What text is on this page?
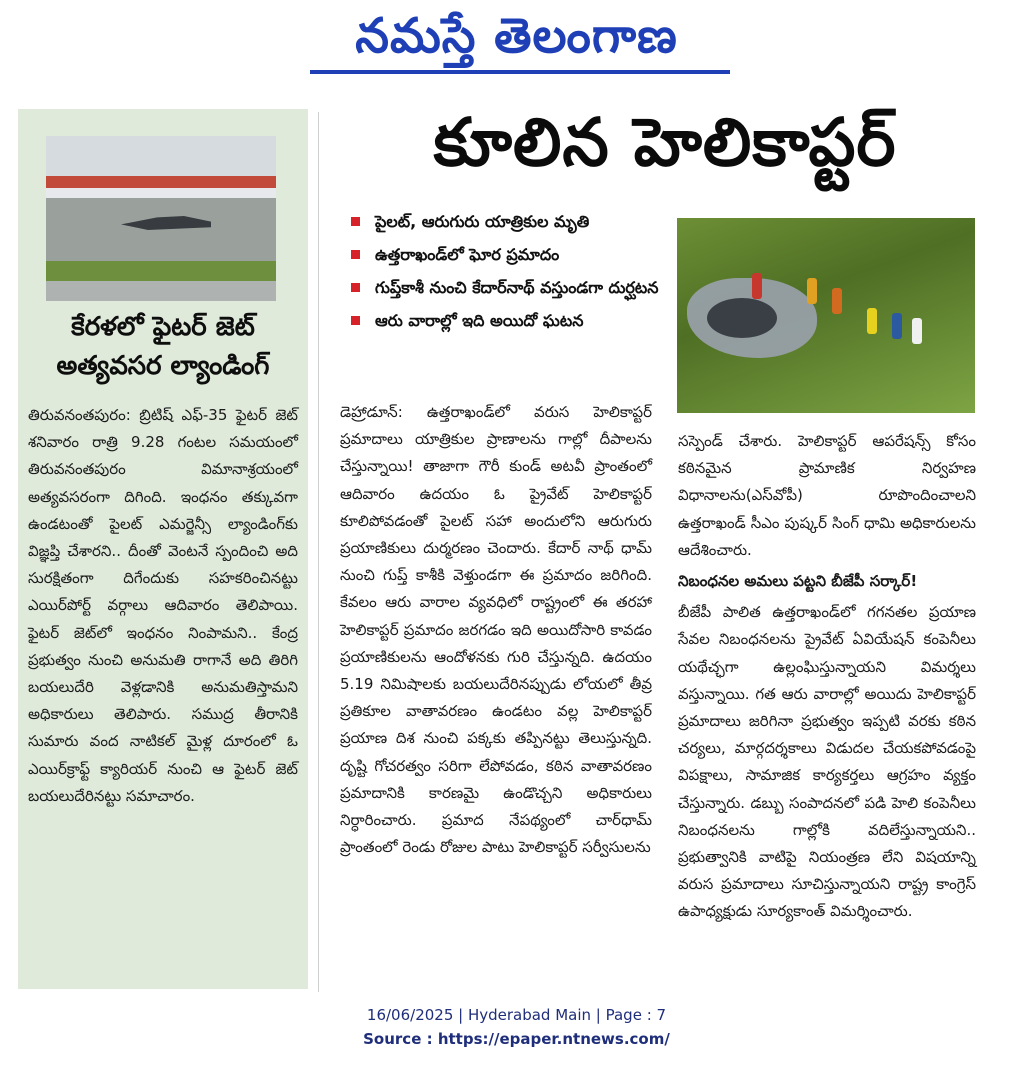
నమస్తే తెలంగాణ
కేరళలో ఫైటర్ జెట్
అత్యవసర ల్యాండింగ్
తిరువనంతపురం: బ్రిటిష్ ఎఫ్-35 ఫైటర్ జెట్ శనివారం రాత్రి 9.28 గంటల సమయంలో తిరువనంతపురం విమానాశ్రయంలో అత్యవసరంగా దిగింది. ఇంధనం తక్కువగా ఉండటంతో పైలట్ ఎమర్జెన్సీ ల్యాండింగ్‌కు విజ్ఞప్తి చేశారని.. దీంతో వెంటనే స్పందించి అది సురక్షితంగా దిగేందుకు సహకరించినట్టు ఎయిర్‌పోర్ట్ వర్గాలు ఆదివారం తెలిపాయి. ఫైటర్ జెట్‌లో ఇంధనం నింపామని.. కేంద్ర ప్రభుత్వం నుంచి అనుమతి రాగానే అది తిరిగి బయలుదేరి వెళ్లడానికి అనుమతిస్తామని అధికారులు తెలిపారు. సముద్ర తీరానికి సుమారు వంద నాటికల్ మైళ్ల దూరంలో ఓ ఎయిర్‌క్రాఫ్ట్ క్యారియర్ నుంచి ఆ ఫైటర్ జెట్ బయలుదేరినట్టు సమాచారం.
కూలిన హెలికాప్టర్
పైలట్, ఆరుగురు యాత్రికుల మృతి
ఉత్తరాఖండ్‌లో ఘోర ప్రమాదం
గుప్త్‌కాశీ నుంచి కేదార్‌నాథ్ వస్తుండగా దుర్ఘటన
ఆరు వారాల్లో ఇది అయిదో ఘటన
డెహ్రాడూన్: ఉత్తరాఖండ్‌లో వరుస హెలికాప్టర్ ప్రమాదాలు యాత్రికుల ప్రాణాలను గాల్లో దీపాలను చేస్తున్నాయి! తాజాగా గౌరీ కుండ్ అటవీ ప్రాంతంలో ఆదివారం ఉదయం ఓ ప్రైవేట్ హెలికాప్టర్ కూలిపోవడంతో పైలట్ సహా అందులోని ఆరుగురు ప్రయాణికులు దుర్మరణం చెందారు. కేదార్ నాథ్ ధామ్ నుంచి గుప్త్ కాశీకి వెళ్తుండగా ఈ ప్రమాదం జరిగింది. కేవలం ఆరు వారాల వ్యవధిలో రాష్ట్రంలో ఈ తరహా హెలికాప్టర్ ప్రమాదం జరగడం ఇది అయిదోసారి కావడం ప్రయాణికులను ఆందోళనకు గురి చేస్తున్నది. ఉదయం 5.19 నిమిషాలకు బయలుదేరినప్పుడు లోయలో తీవ్ర ప్రతికూల వాతావరణం ఉండటం వల్ల హెలికాప్టర్ ప్రయాణ దిశ నుంచి పక్కకు తప్పినట్టు తెలుస్తున్నది. దృష్టి గోచరత్వం సరిగా లేపోవడం, కఠిన వాతావరణం ప్రమాదానికి కారణమై ఉండొచ్చని అధికారులు నిర్ధారించారు. ప్రమాద నేపథ్యంలో చార్‌ధామ్ ప్రాంతంలో రెండు రోజుల పాటు హెలికాప్టర్ సర్వీసులను

సస్పెండ్ చేశారు. హెలికాప్టర్ ఆపరేషన్స్ కోసం కఠినమైన ప్రామాణిక నిర్వహణ విధానాలను(ఎస్‌వోపీ) రూపొందించాలని ఉత్తరాఖండ్ సీఎం పుష్కర్ సింగ్ ధామి అధికారులను ఆదేశించారు.

నిబంధనల అమలు పట్టని బీజేపీ సర్కార్!

బీజేపీ పాలిత ఉత్తరాఖండ్‌లో గగనతల ప్రయాణ సేవల నిబంధనలను ప్రైవేట్ ఏవియేషన్ కంపెనీలు యథేచ్ఛగా ఉల్లంఘిస్తున్నాయని విమర్శలు వస్తున్నాయి. గత ఆరు వారాల్లో అయిదు హెలికాప్టర్ ప్రమాదాలు జరిగినా ప్రభుత్వం ఇప్పటి వరకు కఠిన చర్యలు, మార్గదర్శకాలు విడుదల చేయకపోవడంపై విపక్షాలు, సామాజిక కార్యకర్తలు ఆగ్రహం వ్యక్తం చేస్తున్నారు. డబ్బు సంపాదనలో పడి హెలి కంపెనీలు నిబంధనలను గాల్లోకి వదిలేస్తున్నాయని.. ప్రభుత్వానికి వాటిపై నియంత్రణ లేని విషయాన్ని వరుస ప్రమాదాలు సూచిస్తున్నాయని రాష్ట్ర కాంగ్రెస్ ఉపాధ్యక్షుడు సూర్యకాంత్ విమర్శించారు.

16/06/2025 | Hyderabad Main | Page : 7
Source : https://epaper.ntnews.com/
